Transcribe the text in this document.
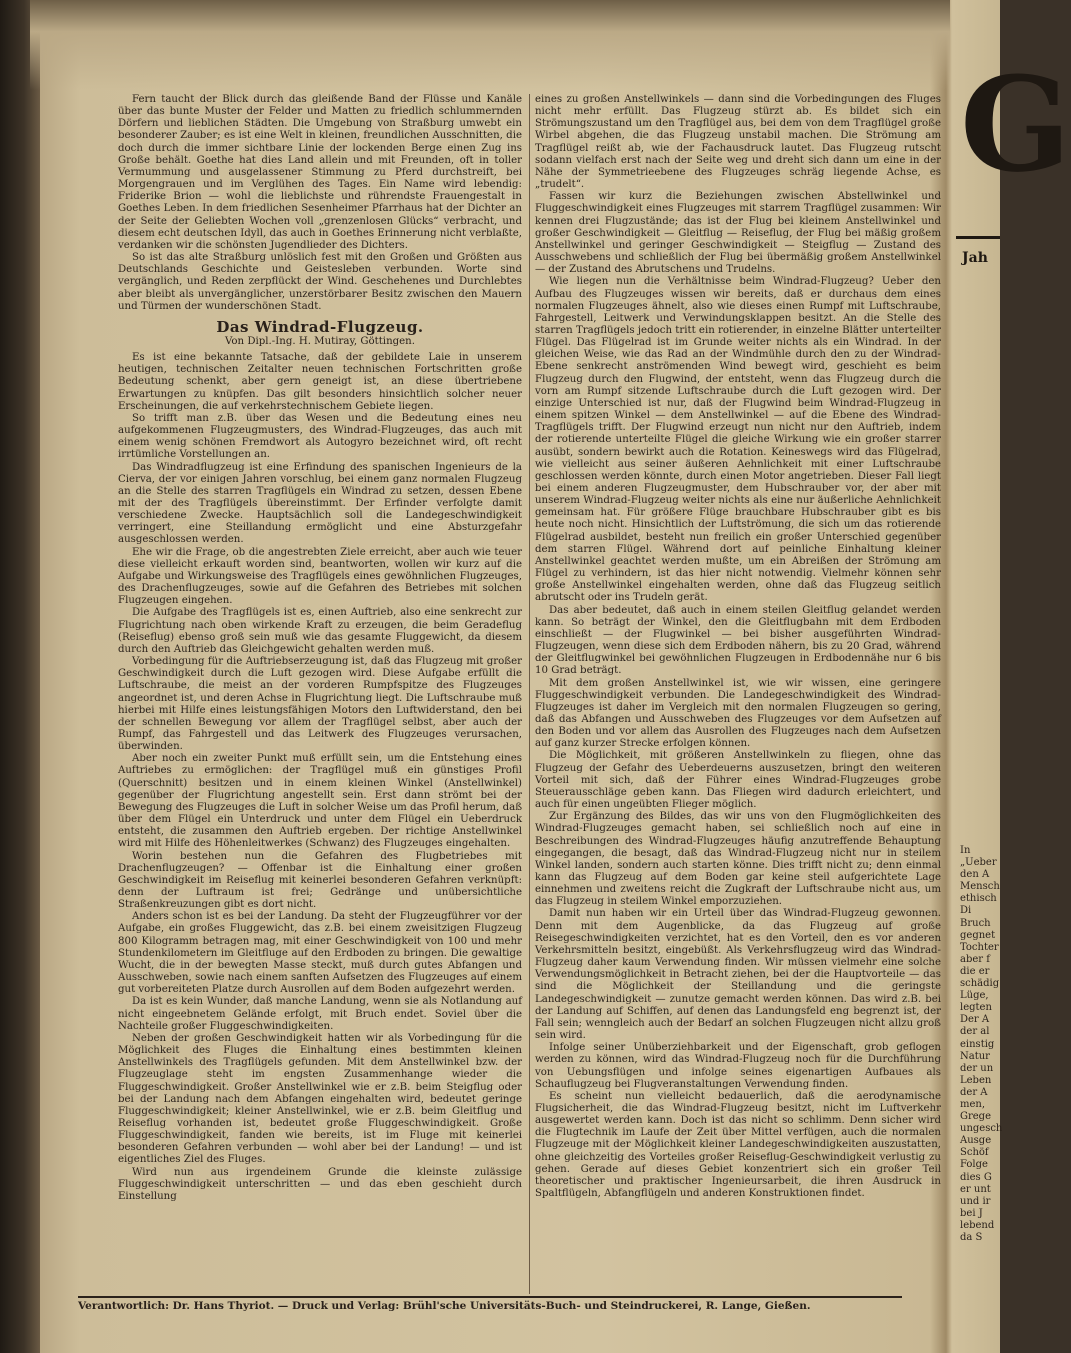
Fern taucht der Blick durch das gleißende Band der Flüsse und Kanäle über das bunte Muster der Felder und Matten zu friedlich schlummernden Dörfern und lieblichen Städten. Die Umgebung von Straßburg umwebt ein besonderer Zauber; es ist eine Welt in kleinen, freundlichen Ausschnitten, die doch durch die immer sichtbare Linie der lockenden Berge einen Zug ins Große behält. Goethe hat dies Land allein und mit Freunden, oft in toller Vermummung und ausgelassener Stimmung zu Pferd durchstreift, bei Morgengrauen und im Verglühen des Tages. Ein Name wird lebendig: Friderike Brion — wohl die lieblichste und rührendste Frauengestalt in Goethes Leben. In dem friedlichen Sesenheimer Pfarrhaus hat der Dichter an der Seite der Geliebten Wochen voll „grenzenlosen Glücks“ verbracht, und diesem echt deutschen Idyll, das auch in Goethes Erinnerung nicht verblaßte, verdanken wir die schönsten Jugendlieder des Dichters.

So ist das alte Straßburg unlöslich fest mit den Großen und Größten aus Deutschlands Geschichte und Geistesleben verbunden. Worte sind vergänglich, und Reden zerpflückt der Wind. Geschehenes und Durchlebtes aber bleibt als unvergänglicher, unzerstörbarer Besitz zwischen den Mauern und Türmen der wunderschönen Stadt.

Das Windrad-Flugzeug.
Von Dipl.-Ing. H. Mutiray, Göttingen.

Es ist eine bekannte Tatsache, daß der gebildete Laie in unserem heutigen, technischen Zeitalter neuen technischen Fortschritten große Bedeutung schenkt, aber gern geneigt ist, an diese übertriebene Erwartungen zu knüpfen. Das gilt besonders hinsichtlich solcher neuer Erscheinungen, die auf verkehrstechnischem Gebiete liegen.

So trifft man z.B. über das Wesen und die Bedeutung eines neu aufgekommenen Flugzeugmusters, des Windrad-Flugzeuges, das auch mit einem wenig schönen Fremdwort als Autogyro bezeichnet wird, oft recht irrtümliche Vorstellungen an.

Das Windradflugzeug ist eine Erfindung des spanischen Ingenieurs de la Cierva, der vor einigen Jahren vorschlug, bei einem ganz normalen Flugzeug an die Stelle des starren Tragflügels ein Windrad zu setzen, dessen Ebene mit der des Tragflügels übereinstimmt. Der Erfinder verfolgte damit verschiedene Zwecke. Hauptsächlich soll die Landegeschwindigkeit verringert, eine Steillandung ermöglicht und eine Absturzgefahr ausgeschlossen werden.

Ehe wir die Frage, ob die angestrebten Ziele erreicht, aber auch wie teuer diese vielleicht erkauft worden sind, beantworten, wollen wir kurz auf die Aufgabe und Wirkungsweise des Tragflügels eines gewöhnlichen Flugzeuges, des Drachenflugzeuges, sowie auf die Gefahren des Betriebes mit solchen Flugzeugen eingehen.

Die Aufgabe des Tragflügels ist es, einen Auftrieb, also eine senkrecht zur Flugrichtung nach oben wirkende Kraft zu erzeugen, die beim Geradeflug (Reiseflug) ebenso groß sein muß wie das gesamte Fluggewicht, da diesem durch den Auftrieb das Gleichgewicht gehalten werden muß.

Vorbedingung für die Auftriebserzeugung ist, daß das Flugzeug mit großer Geschwindigkeit durch die Luft gezogen wird. Diese Aufgabe erfüllt die Luftschraube, die meist an der vorderen Rumpfspitze des Flugzeuges angeordnet ist, und deren Achse in Flugrichtung liegt. Die Luftschraube muß hierbei mit Hilfe eines leistungsfähigen Motors den Luftwiderstand, den bei der schnellen Bewegung vor allem der Tragflügel selbst, aber auch der Rumpf, das Fahrgestell und das Leitwerk des Flugzeuges verursachen, überwinden.

Aber noch ein zweiter Punkt muß erfüllt sein, um die Entstehung eines Auftriebes zu ermöglichen: der Tragflügel muß ein günstiges Profil (Querschnitt) besitzen und in einem kleinen Winkel (Anstellwinkel) gegenüber der Flugrichtung angestellt sein. Erst dann strömt bei der Bewegung des Flugzeuges die Luft in solcher Weise um das Profil herum, daß über dem Flügel ein Unterdruck und unter dem Flügel ein Ueberdruck entsteht, die zusammen den Auftrieb ergeben. Der richtige Anstellwinkel wird mit Hilfe des Höhenleitwerkes (Schwanz) des Flugzeuges eingehalten.

Worin bestehen nun die Gefahren des Flugbetriebes mit Drachenflugzeugen? — Offenbar ist die Einhaltung einer großen Geschwindigkeit im Reiseflug mit keinerlei besonderen Gefahren verknüpft: denn der Luftraum ist frei; Gedränge und unübersichtliche Straßenkreuzungen gibt es dort nicht.

Anders schon ist es bei der Landung. Da steht der Flugzeugführer vor der Aufgabe, ein großes Fluggewicht, das z.B. bei einem zweisitzigen Flugzeug 800 Kilogramm betragen mag, mit einer Geschwindigkeit von 100 und mehr Stundenkilometern im Gleitfluge auf den Erdboden zu bringen. Die gewaltige Wucht, die in der bewegten Masse steckt, muß durch gutes Abfangen und Ausschweben, sowie nach einem sanften Aufsetzen des Flugzeuges auf einem gut vorbereiteten Platze durch Ausrollen auf dem Boden aufgezehrt werden.

Da ist es kein Wunder, daß manche Landung, wenn sie als Notlandung auf nicht eingeebnetem Gelände erfolgt, mit Bruch endet. Soviel über die Nachteile großer Fluggeschwindigkeiten.

Neben der großen Geschwindigkeit hatten wir als Vorbedingung für die Möglichkeit des Fluges die Einhaltung eines bestimmten kleinen Anstellwinkels des Tragflügels gefunden. Mit dem Anstellwinkel bzw. der Flugzeuglage steht im engsten Zusammenhange wieder die Fluggeschwindigkeit. Großer Anstellwinkel wie er z.B. beim Steigflug oder bei der Landung nach dem Abfangen eingehalten wird, bedeutet geringe Fluggeschwindigkeit; kleiner Anstellwinkel, wie er z.B. beim Gleitflug und Reiseflug vorhanden ist, bedeutet große Fluggeschwindigkeit. Große Fluggeschwindigkeit, fanden wie bereits, ist im Fluge mit keinerlei besonderen Gefahren verbunden — wohl aber bei der Landung! — und ist eigentliches Ziel des Fluges.

Wird nun aus irgendeinem Grunde die kleinste zulässige Fluggeschwindigkeit unterschritten — und das eben geschieht durch Einstellung

eines zu großen Anstellwinkels — dann sind die Vorbedingungen des Fluges nicht mehr erfüllt. Das Flugzeug stürzt ab. Es bildet sich ein Strömungszustand um den Tragflügel aus, bei dem von dem Tragflügel große Wirbel abgehen, die das Flugzeug unstabil machen. Die Strömung am Tragflügel reißt ab, wie der Fachausdruck lautet. Das Flugzeug rutscht sodann vielfach erst nach der Seite weg und dreht sich dann um eine in der Nähe der Symmetrieebene des Flugzeuges schräg liegende Achse, es „trudelt“.

Fassen wir kurz die Beziehungen zwischen Abstellwinkel und Fluggeschwindigkeit eines Flugzeuges mit starrem Tragflügel zusammen: Wir kennen drei Flugzustände; das ist der Flug bei kleinem Anstellwinkel und großer Geschwindigkeit — Gleitflug — Reiseflug, der Flug bei mäßig großem Anstellwinkel und geringer Geschwindigkeit — Steigflug — Zustand des Ausschwebens und schließlich der Flug bei übermäßig großem Anstellwinkel — der Zustand des Abrutschens und Trudelns.

Wie liegen nun die Verhältnisse beim Windrad-Flugzeug? Ueber den Aufbau des Flugzeuges wissen wir bereits, daß er durchaus dem eines normalen Flugzeuges ähnelt, also wie dieses einen Rumpf mit Luftschraube, Fahrgestell, Leitwerk und Verwindungsklappen besitzt. An die Stelle des starren Tragflügels jedoch tritt ein rotierender, in einzelne Blätter unterteilter Flügel. Das Flügelrad ist im Grunde weiter nichts als ein Windrad. In der gleichen Weise, wie das Rad an der Windmühle durch den zu der Windrad-Ebene senkrecht anströmenden Wind bewegt wird, geschieht es beim Flugzeug durch den Flugwind, der entsteht, wenn das Flugzeug durch die vorn am Rumpf sitzende Luftschraube durch die Luft gezogen wird. Der einzige Unterschied ist nur, daß der Flugwind beim Windrad-Flugzeug in einem spitzen Winkel — dem Anstellwinkel — auf die Ebene des Windrad-Tragflügels trifft. Der Flugwind erzeugt nun nicht nur den Auftrieb, indem der rotierende unterteilte Flügel die gleiche Wirkung wie ein großer starrer ausübt, sondern bewirkt auch die Rotation. Keineswegs wird das Flügelrad, wie vielleicht aus seiner äußeren Aehnlichkeit mit einer Luftschraube geschlossen werden könnte, durch einen Motor angetrieben. Dieser Fall liegt bei einem anderen Flugzeugmuster, dem Hubschrauber vor, der aber mit unserem Windrad-Flugzeug weiter nichts als eine nur äußerliche Aehnlichkeit gemeinsam hat. Für größere Flüge brauchbare Hubschrauber gibt es bis heute noch nicht. Hinsichtlich der Luftströmung, die sich um das rotierende Flügelrad ausbildet, besteht nun freilich ein großer Unterschied gegenüber dem starren Flügel. Während dort auf peinliche Einhaltung kleiner Anstellwinkel geachtet werden mußte, um ein Abreißen der Strömung am Flügel zu verhindern, ist das hier nicht notwendig. Vielmehr können sehr große Anstellwinkel eingehalten werden, ohne daß das Flugzeug seitlich abrutscht oder ins Trudeln gerät.

Das aber bedeutet, daß auch in einem steilen Gleitflug gelandet werden kann. So beträgt der Winkel, den die Gleitflugbahn mit dem Erdboden einschließt — der Flugwinkel — bei bisher ausgeführten Windrad-Flugzeugen, wenn diese sich dem Erdboden nähern, bis zu 20 Grad, während der Gleitflugwinkel bei gewöhnlichen Flugzeugen in Erdbodennähe nur 6 bis 10 Grad beträgt.

Mit dem großen Anstellwinkel ist, wie wir wissen, eine geringere Fluggeschwindigkeit verbunden. Die Landegeschwindigkeit des Windrad-Flugzeuges ist daher im Vergleich mit den normalen Flugzeugen so gering, daß das Abfangen und Ausschweben des Flugzeuges vor dem Aufsetzen auf den Boden und vor allem das Ausrollen des Flugzeuges nach dem Aufsetzen auf ganz kurzer Strecke erfolgen können.

Die Möglichkeit, mit größeren Anstellwinkeln zu fliegen, ohne das Flugzeug der Gefahr des Ueberdeuerns auszusetzen, bringt den weiteren Vorteil mit sich, daß der Führer eines Windrad-Flugzeuges grobe Steuerausschläge geben kann. Das Fliegen wird dadurch erleichtert, und auch für einen ungeübten Flieger möglich.

Zur Ergänzung des Bildes, das wir uns von den Flugmöglichkeiten des Windrad-Flugzeuges gemacht haben, sei schließlich noch auf eine in Beschreibungen des Windrad-Flugzeuges häufig anzutreffende Behauptung eingegangen, die besagt, daß das Windrad-Flugzeug nicht nur in steilem Winkel landen, sondern auch starten könne. Dies trifft nicht zu; denn einmal kann das Flugzeug auf dem Boden gar keine steil aufgerichtete Lage einnehmen und zweitens reicht die Zugkraft der Luftschraube nicht aus, um das Flugzeug in steilem Winkel emporzuziehen.

Damit nun haben wir ein Urteil über das Windrad-Flugzeug gewonnen. Denn mit dem Augenblicke, da das Flugzeug auf große Reisegeschwindigkeiten verzichtet, hat es den Vorteil, den es vor anderen Verkehrsmitteln besitzt, eingebüßt. Als Verkehrsflugzeug wird das Windrad-Flugzeug daher kaum Verwendung finden. Wir müssen vielmehr eine solche Verwendungsmöglichkeit in Betracht ziehen, bei der die Hauptvorteile — das sind die Möglichkeit der Steillandung und die geringste Landegeschwindigkeit — zunutze gemacht werden können. Das wird z.B. bei der Landung auf Schiffen, auf denen das Landungsfeld eng begrenzt ist, der Fall sein; wenngleich auch der Bedarf an solchen Flugzeugen nicht allzu groß sein wird.

Infolge seiner Unüberziehbarkeit und der Eigenschaft, grob geflogen werden zu können, wird das Windrad-Flugzeug noch für die Durchführung von Uebungsflügen und infolge seines eigenartigen Aufbaues als Schauflugzeug bei Flugveranstaltungen Verwendung finden.

Es scheint nun vielleicht bedauerlich, daß die aerodynamische Flugsicherheit, die das Windrad-Flugzeug besitzt, nicht im Luftverkehr ausgewertet werden kann. Doch ist das nicht so schlimm. Denn sicher wird die Flugtechnik im Laufe der Zeit über Mittel verfügen, auch die normalen Flugzeuge mit der Möglichkeit kleiner Landegeschwindigkeiten auszustatten, ohne gleichzeitig des Vorteiles großer Reiseflug-Geschwindigkeit verlustig zu gehen. Gerade auf dieses Gebiet konzentriert sich ein großer Teil theoretischer und praktischer Ingenieursarbeit, die ihren Ausdruck in Spaltflügeln, Abfangflügeln und anderen Konstruktionen findet.

Verantwortlich: Dr. Hans Thyriot. — Druck und Verlag: Brühl'sche Universitäts-Buch- und Steindruckerei, R. Lange, Gießen.
G
Jah
In
„Ueber
den A
Mensch
ethisch
Di
Bruch
gegnet
Tochter
aber f
die er
schädig
Lüge,
legten
Der A
der al
einstig
Natur
der un
Leben
der A
men,
Grege
ungesch
Ausge
Schöf
Folge
dies G
er unt
und ir
bei J
lebend
da S
